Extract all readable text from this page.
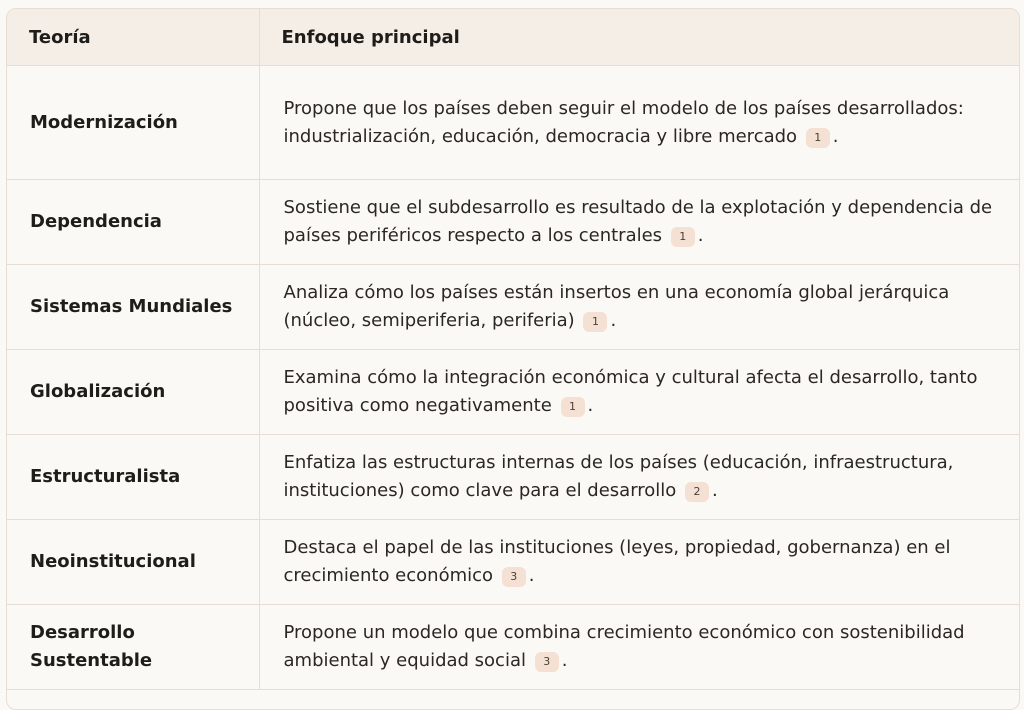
Teoría	Enfoque principal
Modernización	Propone que los países deben seguir el modelo de los países desarrollados: industrialización, educación, democracia y libre mercado 1 .
Dependencia	Sostiene que el subdesarrollo es resultado de la explotación y dependencia de países periféricos respecto a los centrales 1 .
Sistemas Mundiales	Analiza cómo los países están insertos en una economía global jerárquica (núcleo, semiperiferia, periferia) 1 .
Globalización	Examina cómo la integración económica y cultural afecta el desarrollo, tanto positiva como negativamente 1 .
Estructuralista	Enfatiza las estructuras internas de los países (educación, infraestructura, instituciones) como clave para el desarrollo 2 .
Neoinstitucional	Destaca el papel de las instituciones (leyes, propiedad, gobernanza) en el crecimiento económico 3 .
Desarrollo Sustentable	Propone un modelo que combina crecimiento económico con sostenibilidad ambiental y equidad social 3 .
